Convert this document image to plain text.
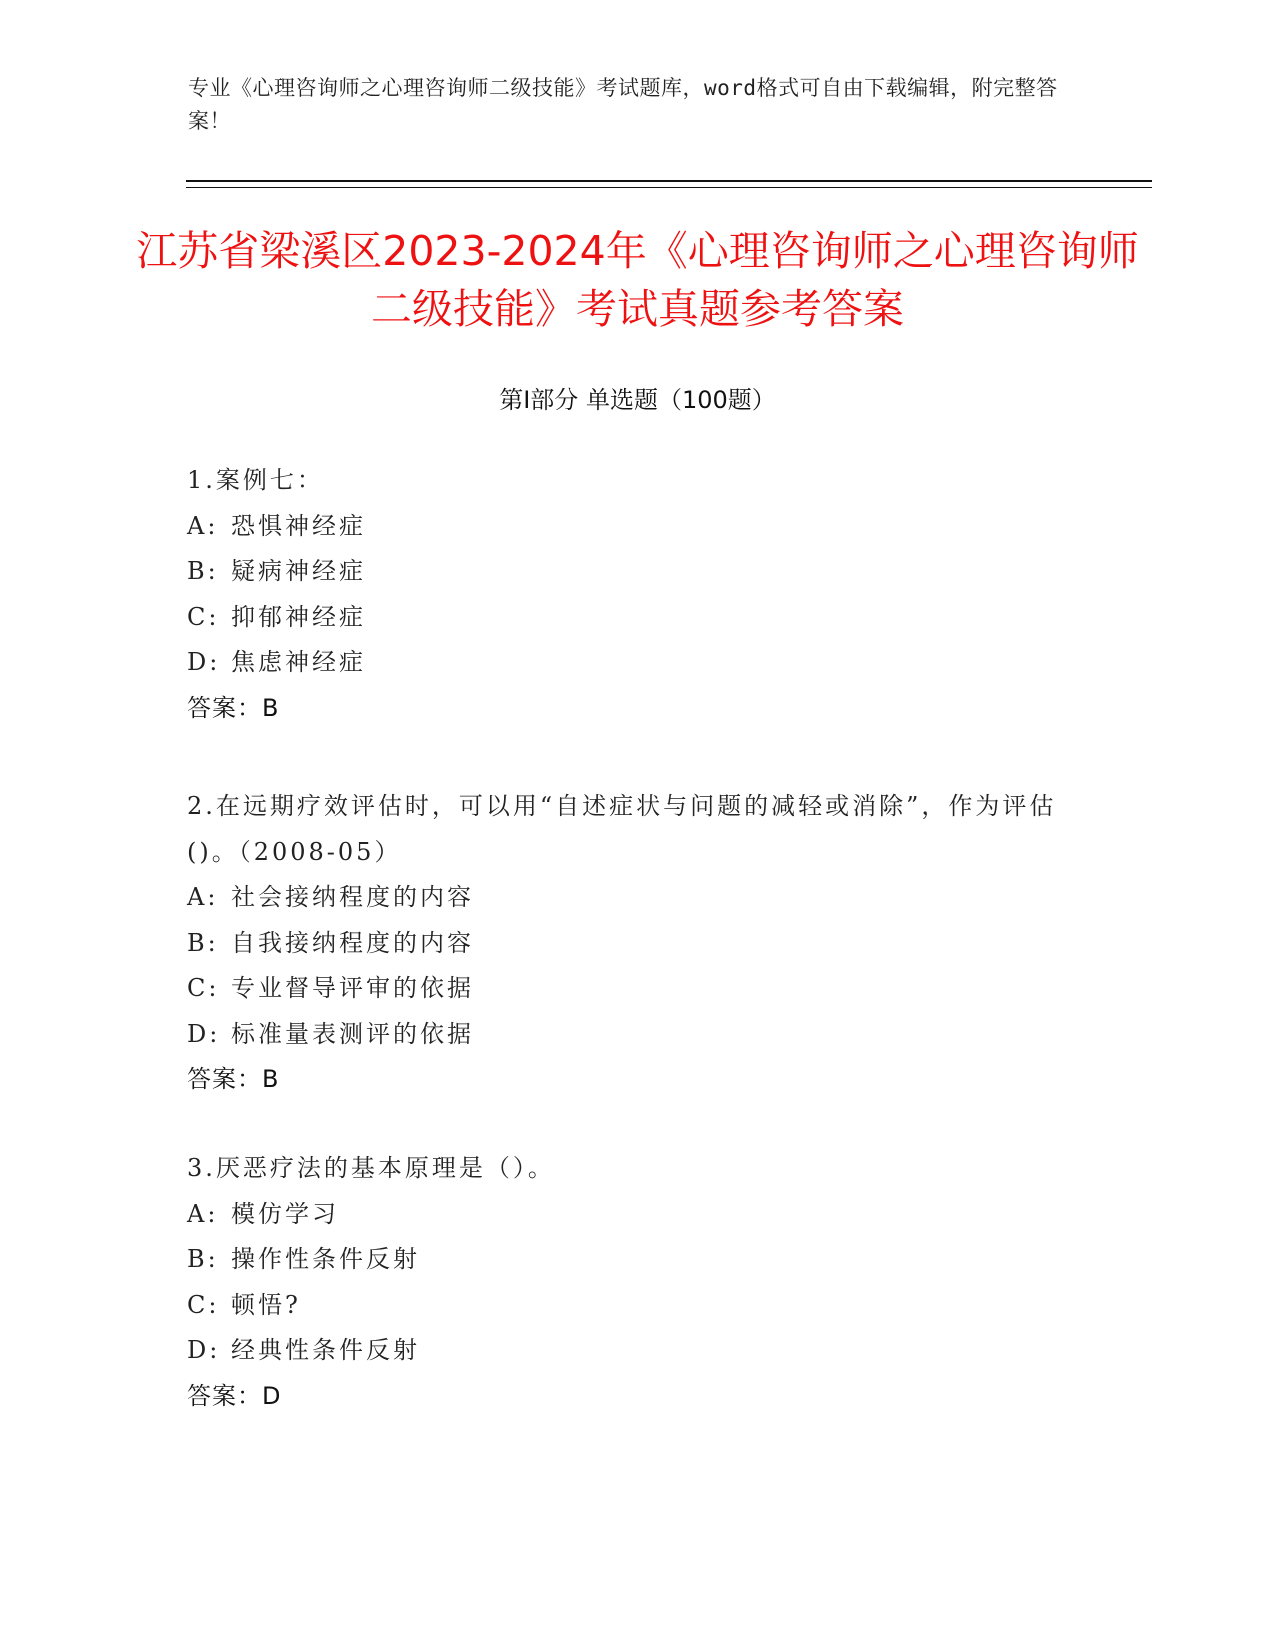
专业《心理咨询师之心理咨询师二级技能》考试题库，word格式可自由下载编辑，附完整答案！
江苏省梁溪区2023-2024年《心理咨询师之心理咨询师二级技能》考试真题参考答案
第Ⅰ部分 单选题（100题）
1.案例七：
A: 恐惧神经症
B: 疑病神经症
C: 抑郁神经症
D: 焦虑神经症
答案：B
2.在远期疗效评估时，可以用“自述症状与问题的减轻或消除”，作为评估()。（2008-05）
A: 社会接纳程度的内容
B: 自我接纳程度的内容
C: 专业督导评审的依据
D: 标准量表测评的依据
答案：B
3.厌恶疗法的基本原理是（）。
A: 模仿学习
B: 操作性条件反射
C: 顿悟?
D: 经典性条件反射
答案：D
